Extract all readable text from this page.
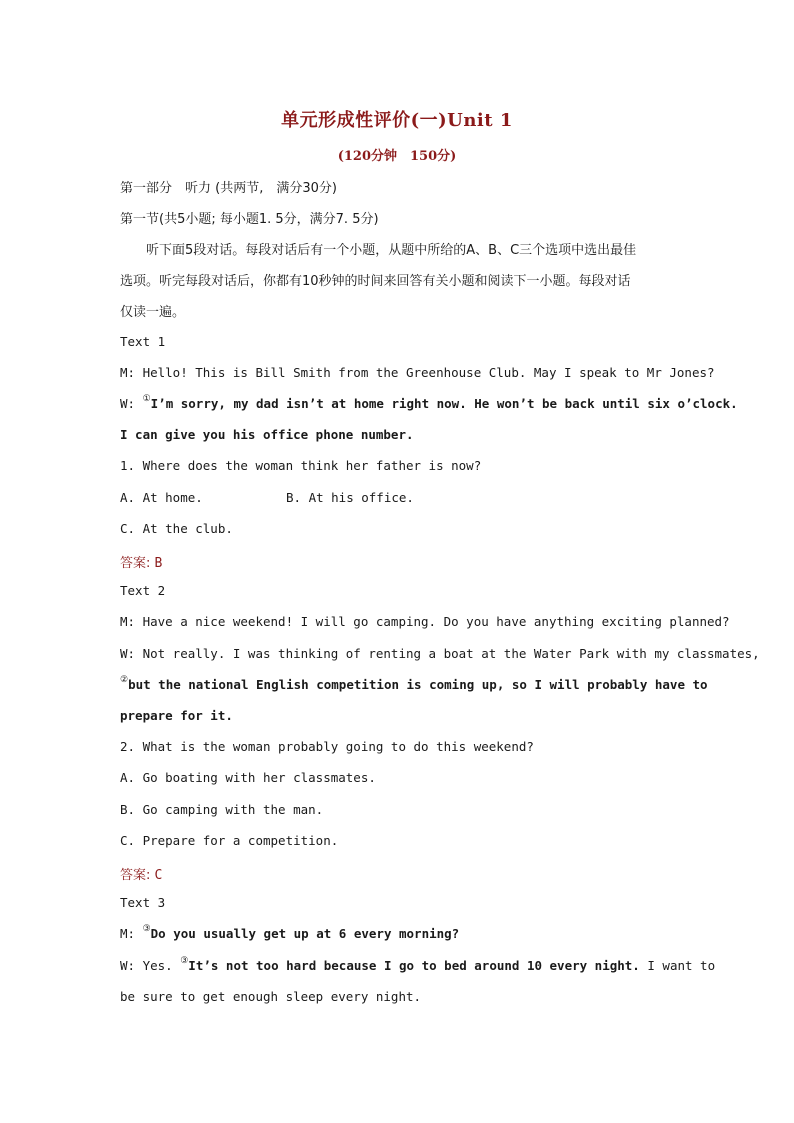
单元形成性评价(一)Unit 1
(120分钟　150分)
第一部分　听力 (共两节,　满分30分)
第一节(共5小题; 每小题1. 5分，满分7. 5分)
听下面5段对话。每段对话后有一个小题，从题中所给的A、B、C三个选项中选出最佳
选项。听完每段对话后，你都有10秒钟的时间来回答有关小题和阅读下一小题。每段对话
仅读一遍。
Text 1
M: Hello! This is Bill Smith from the Greenhouse Club. May I speak to Mr Jones?
W: ①I’m sorry, my dad isn’t at home right now. He won’t be back until six o’clock.
I can give you his office phone number.
1. Where does the woman think her father is now?
A. At home.	B. At his office.
C. At the club.
答案: B
Text 2
M: Have a nice weekend! I will go camping. Do you have anything exciting planned?
W: Not really. I was thinking of renting a boat at the Water Park with my classmates,
②but the national English competition is coming up, so I will probably have to
prepare for it.
2. What is the woman probably going to do this weekend?
A. Go boating with her classmates.
B. Go camping with the man.
C. Prepare for a competition.
答案: C
Text 3
M: ③Do you usually get up at 6 every morning?
W: Yes. ③It’s not too hard because I go to bed around 10 every night. I want to
be sure to get enough sleep every night.
